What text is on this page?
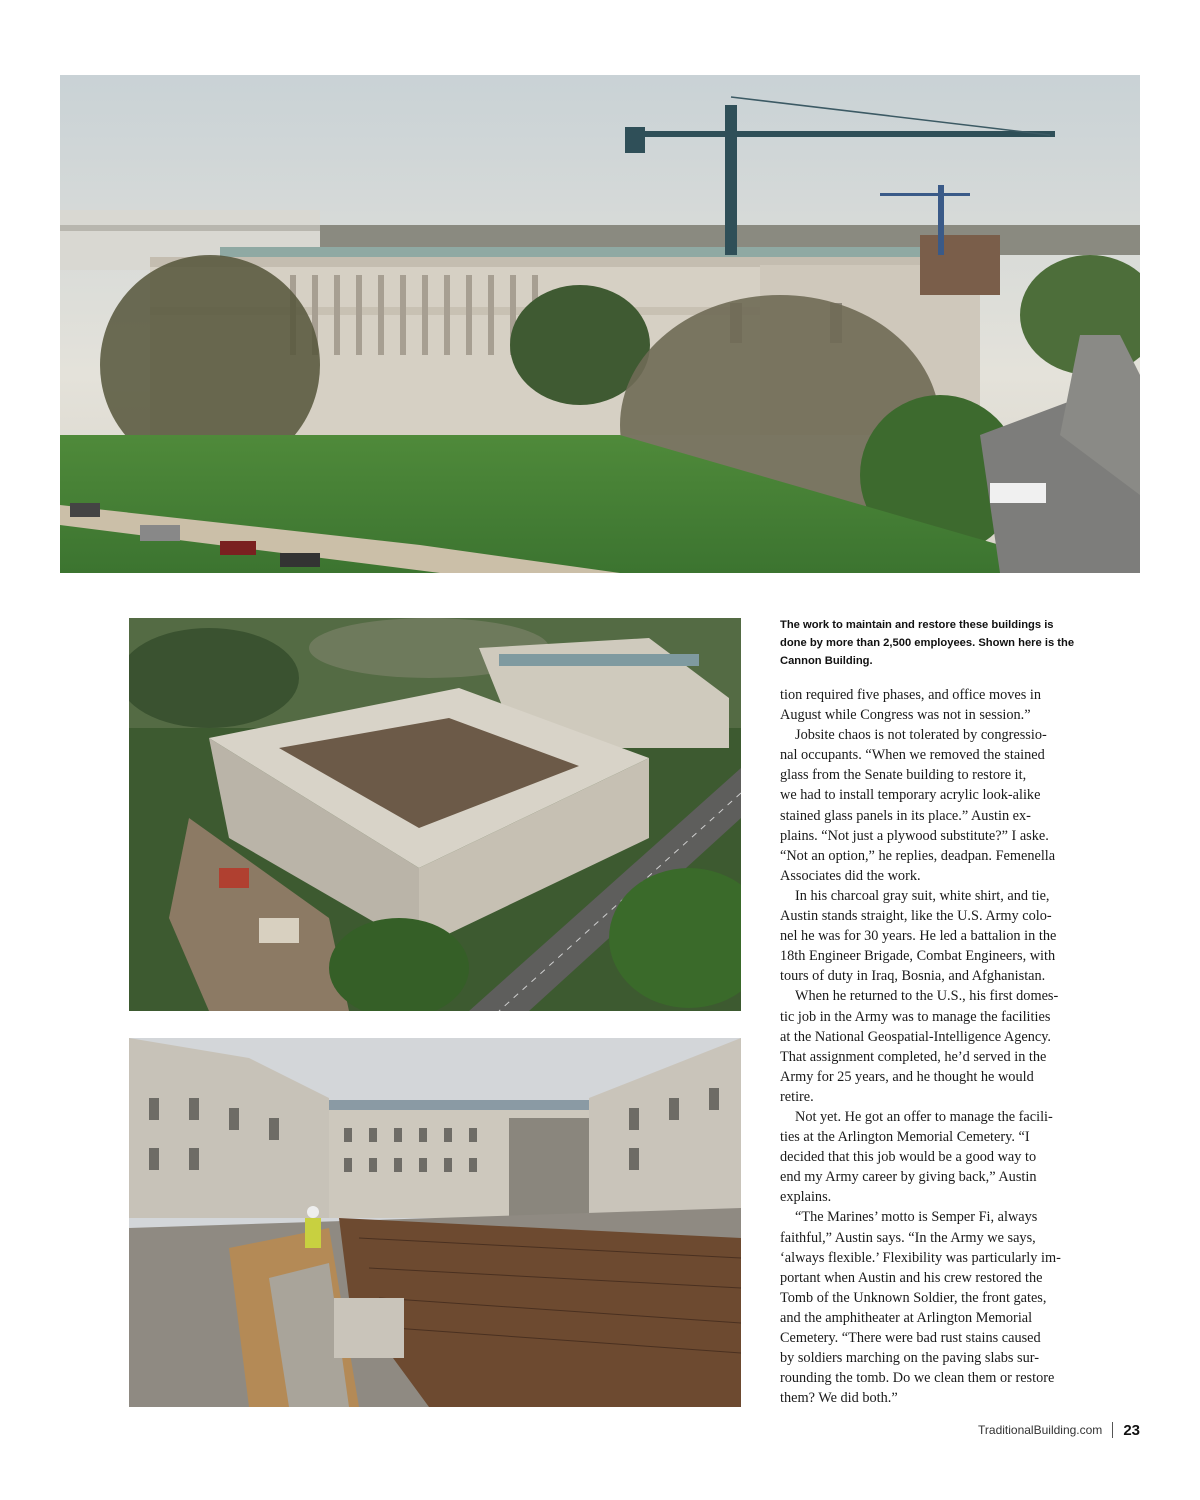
The work to maintain and restore these buildings is done by more than 2,500 employees. Shown here is the Cannon Building.

tion required five phases, and office moves in

August while Congress was not in session.”

Jobsite chaos is not tolerated by congressio-

nal occupants. “When we removed the stained

glass from the Senate building to restore it,

we had to install temporary acrylic look-alike

stained glass panels in its place.” Austin ex-

plains. “Not just a plywood substitute?” I aske.

“Not an option,” he replies, deadpan. Femenella

Associates did the work.

In his charcoal gray suit, white shirt, and tie,

Austin stands straight, like the U.S. Army colo-

nel he was for 30 years. He led a battalion in the

18th Engineer Brigade, Combat Engineers, with

tours of duty in Iraq, Bosnia, and Afghanistan.

When he returned to the U.S., his first domes-

tic job in the Army was to manage the facilities

at the National Geospatial-Intelligence Agency.

That assignment completed, he’d served in the

Army for 25 years, and he thought he would

retire.

Not yet. He got an offer to manage the facili-

ties at the Arlington Memorial Cemetery. “I

decided that this job would be a good way to

end my Army career by giving back,” Austin

explains.

“The Marines’ motto is Semper Fi, always

faithful,” Austin says. “In the Army we says,

‘always flexible.’ Flexibility was particularly im-

portant when Austin and his crew restored the

Tomb of the Unknown Soldier, the front gates,

and the amphitheater at Arlington Memorial

Cemetery. “There were bad rust stains caused

by soldiers marching on the paving slabs sur-

rounding the tomb. Do we clean them or restore

them? We did both.”

TraditionalBuilding.com 23
